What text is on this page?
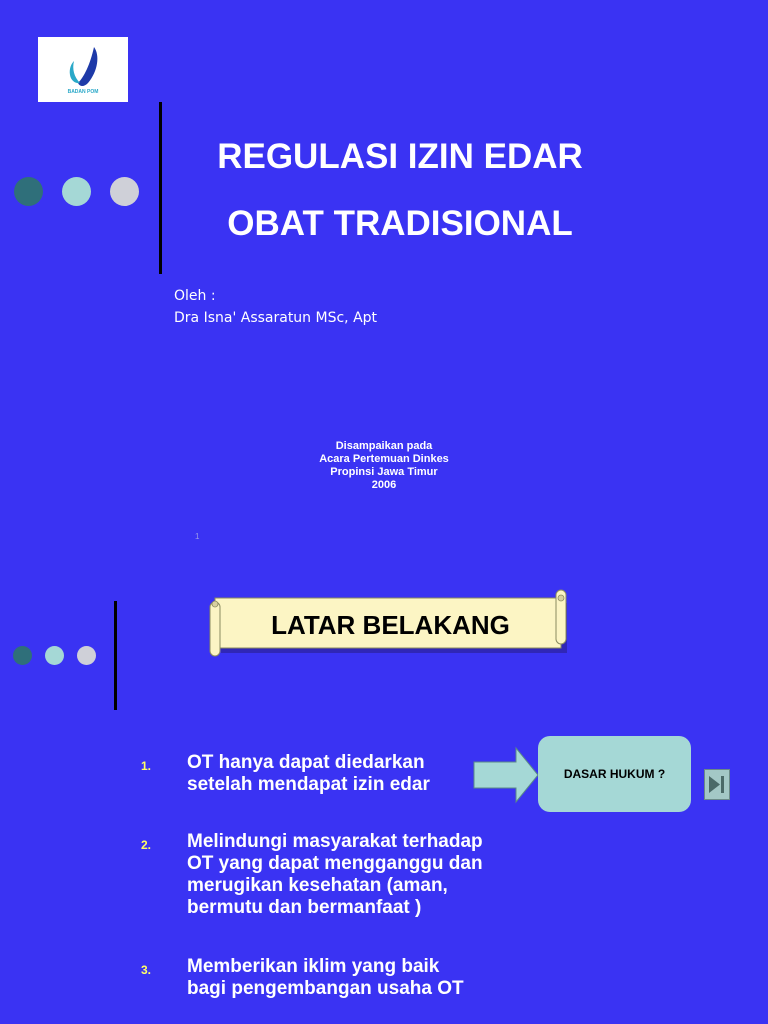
BADAN POM
REGULASI IZIN EDAR
OBAT TRADISIONAL
Oleh :
Dra Isna' Assaratun MSc, Apt
Disampaikan pada
Acara Pertemuan Dinkes
Propinsi Jawa Timur
2006
1
LATAR BELAKANG
1. OT hanya dapat diedarkan
setelah mendapat izin edar
2. Melindungi masyarakat terhadap
OT yang dapat mengganggu dan
merugikan kesehatan (aman,
bermutu dan bermanfaat )
3. Memberikan iklim yang baik
bagi pengembangan usaha OT
DASAR HUKUM ?
